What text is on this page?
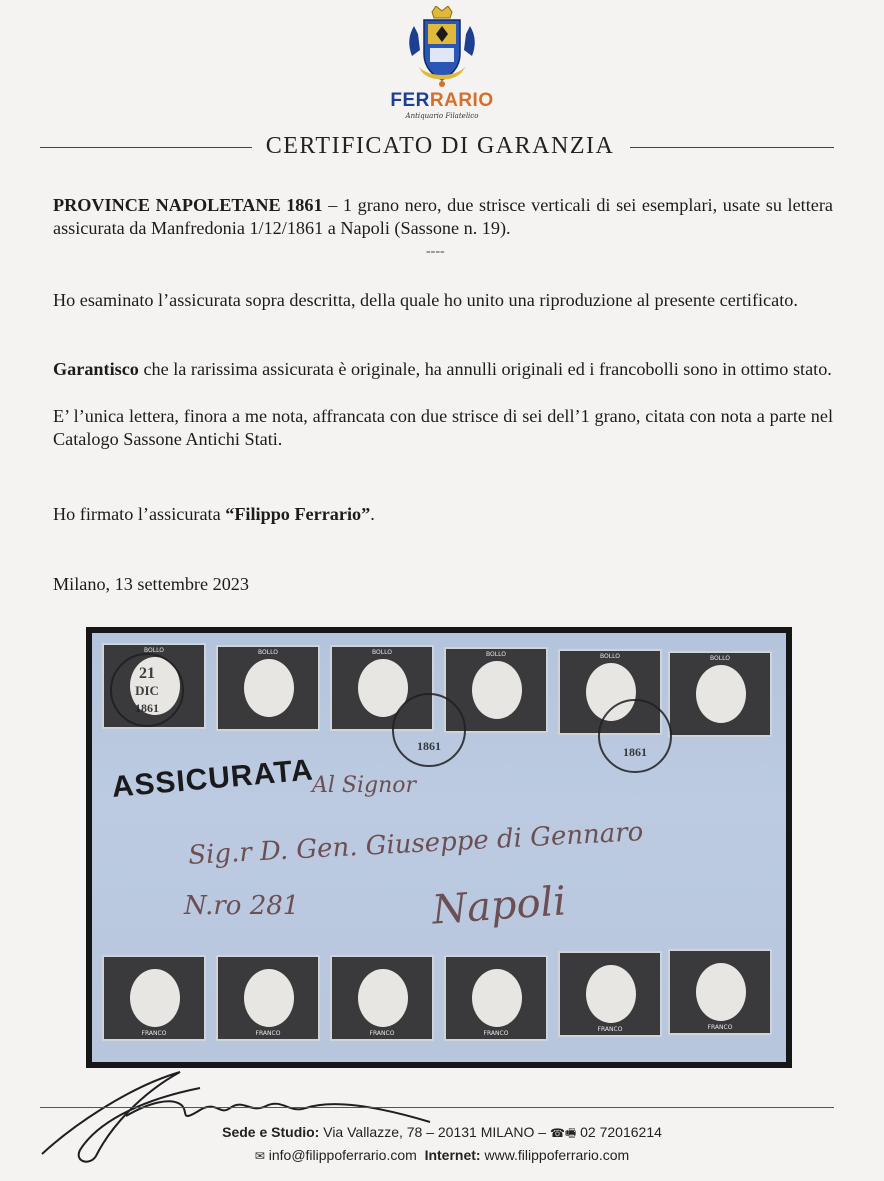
FERRARIO
Antiquario Filatelico
CERTIFICATO DI GARANZIA

PROVINCE NAPOLETANE 1861 – 1 grano nero, due strisce verticali di sei esemplari, usate su lettera assicurata da Manfredonia 1/12/1861 a Napoli (Sassone n. 19).

----

Ho esaminato l’assicurata sopra descritta, della quale ho unito una riproduzione al presente certificato.

Garantisco che la rarissima assicurata è originale, ha annulli originali ed i francobolli sono in ottimo stato.

E’ l’unica lettera, finora a me nota, affrancata con due strisce di sei dell’1 grano, citata con nota a parte nel Catalogo Sassone Antichi Stati.

Ho firmato l’assicurata “Filippo Ferrario”.

Milano, 13 settembre 2023

BOLLO	BOLLO	BOLLO	BOLLO	BOLLO	BOLLO
21
DIC
1861
1861	1861
ASSICURATA
Al Signor
Sig.r D. Gen. Giuseppe di Gennaro
N.ro 281	Napoli
FRANCO	FRANCO	FRANCO	FRANCO
FRANCO	FRANCO
Sede e Studio: Via Vallazze, 78 – 20131 MILANO – ☎🖷 02 72016214
✉ info@filippoferrario.com Internet: www.filippoferrario.com
